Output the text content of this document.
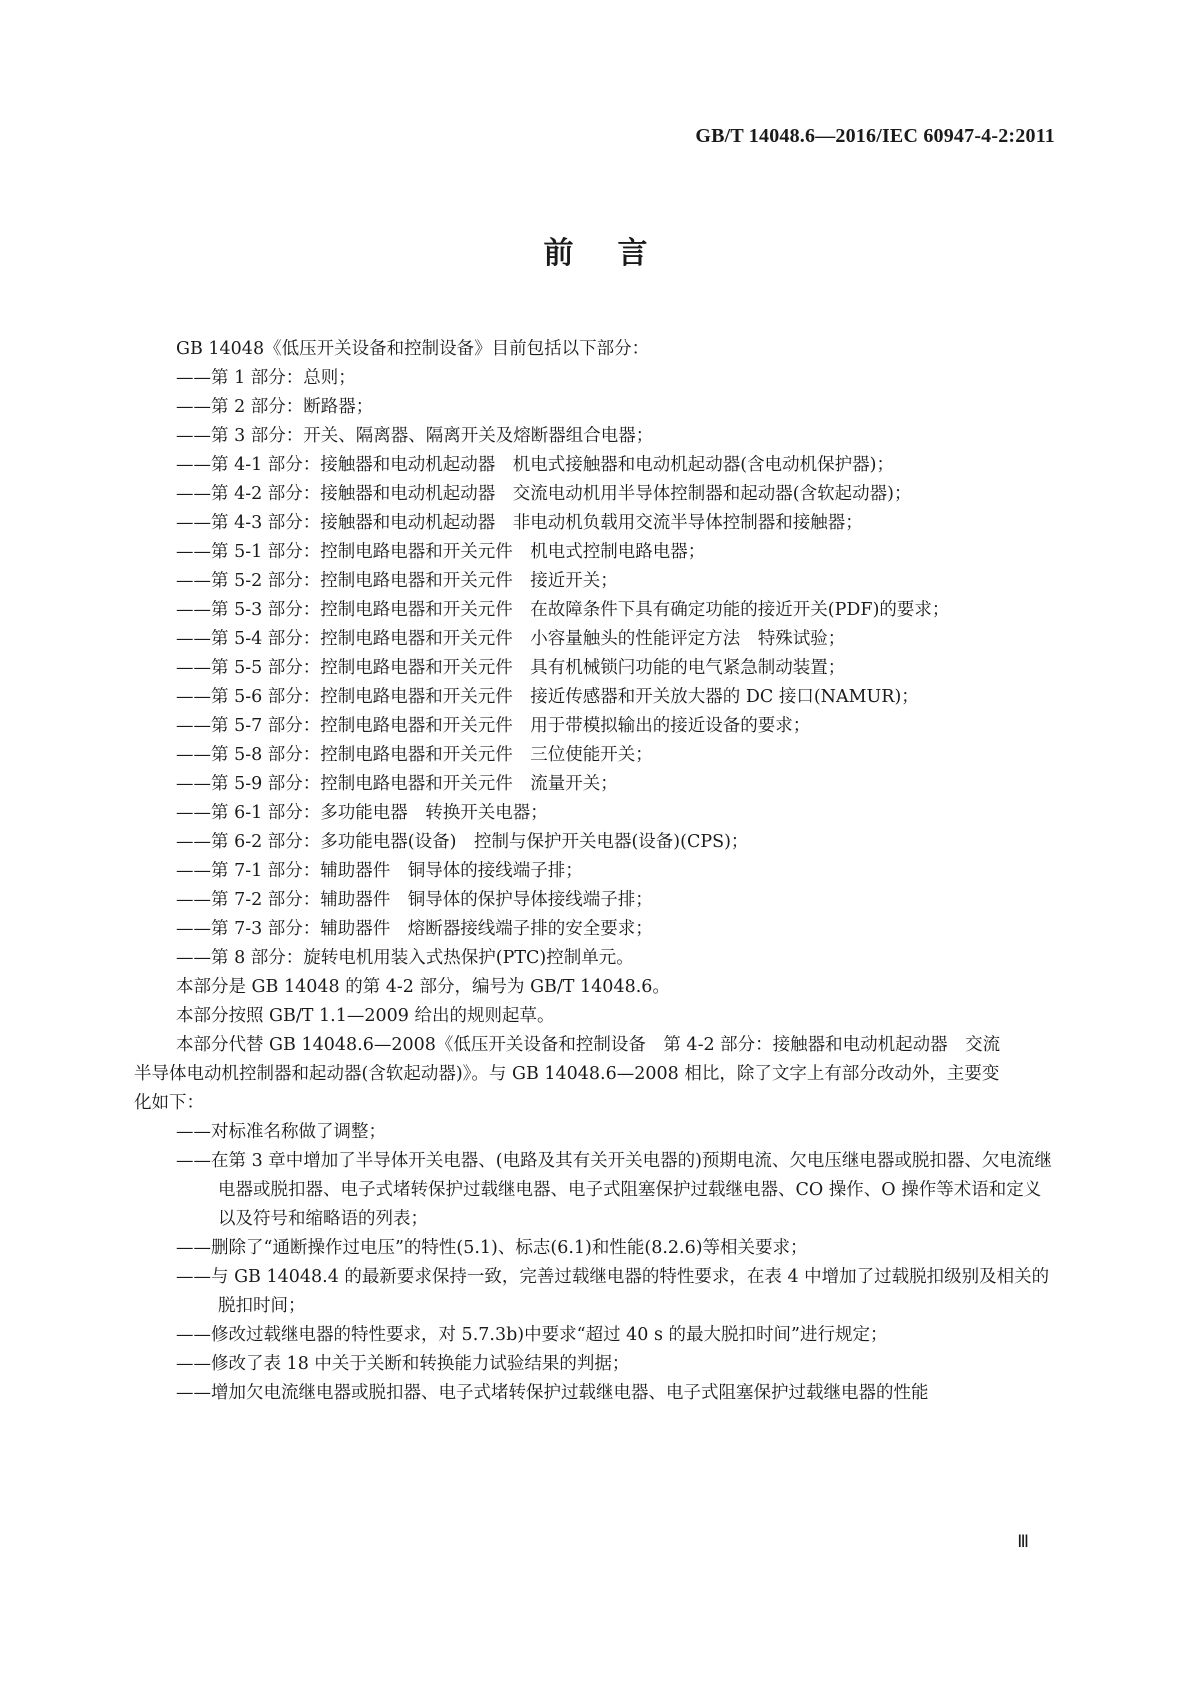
GB/T 14048.6—2016/IEC 60947-4-2:2011
前言
GB 14048《低压开关设备和控制设备》目前包括以下部分：
——第 1 部分：总则；
——第 2 部分：断路器；
——第 3 部分：开关、隔离器、隔离开关及熔断器组合电器；
——第 4-1 部分：接触器和电动机起动器　机电式接触器和电动机起动器(含电动机保护器)；
——第 4-2 部分：接触器和电动机起动器　交流电动机用半导体控制器和起动器(含软起动器)；
——第 4-3 部分：接触器和电动机起动器　非电动机负载用交流半导体控制器和接触器；
——第 5-1 部分：控制电路电器和开关元件　机电式控制电路电器；
——第 5-2 部分：控制电路电器和开关元件　接近开关；
——第 5-3 部分：控制电路电器和开关元件　在故障条件下具有确定功能的接近开关(PDF)的要求；
——第 5-4 部分：控制电路电器和开关元件　小容量触头的性能评定方法　特殊试验；
——第 5-5 部分：控制电路电器和开关元件　具有机械锁闩功能的电气紧急制动装置；
——第 5-6 部分：控制电路电器和开关元件　接近传感器和开关放大器的 DC 接口(NAMUR)；
——第 5-7 部分：控制电路电器和开关元件　用于带模拟输出的接近设备的要求；
——第 5-8 部分：控制电路电器和开关元件　三位使能开关；
——第 5-9 部分：控制电路电器和开关元件　流量开关；
——第 6-1 部分：多功能电器　转换开关电器；
——第 6-2 部分：多功能电器(设备)　控制与保护开关电器(设备)(CPS)；
——第 7-1 部分：辅助器件　铜导体的接线端子排；
——第 7-2 部分：辅助器件　铜导体的保护导体接线端子排；
——第 7-3 部分：辅助器件　熔断器接线端子排的安全要求；
——第 8 部分：旋转电机用装入式热保护(PTC)控制单元。
本部分是 GB 14048 的第 4-2 部分，编号为 GB/T 14048.6。
本部分按照 GB/T 1.1—2009 给出的规则起草。
本部分代替 GB 14048.6—2008《低压开关设备和控制设备　第 4-2 部分：接触器和电动机起动器　交流半导体电动机控制器和起动器(含软起动器)》。与 GB 14048.6—2008 相比，除了文字上有部分改动外，主要变化如下：
——对标准名称做了调整；
——在第 3 章中增加了半导体开关电器、(电路及其有关开关电器的)预期电流、欠电压继电器或脱扣器、欠电流继电器或脱扣器、电子式堵转保护过载继电器、电子式阻塞保护过载继电器、CO 操作、O 操作等术语和定义以及符号和缩略语的列表；
——删除了“通断操作过电压”的特性(5.1)、标志(6.1)和性能(8.2.6)等相关要求；
——与 GB 14048.4 的最新要求保持一致，完善过载继电器的特性要求，在表 4 中增加了过载脱扣级别及相关的脱扣时间；
——修改过载继电器的特性要求，对 5.7.3b)中要求“超过 40 s 的最大脱扣时间”进行规定；
——修改了表 18 中关于关断和转换能力试验结果的判据；
——增加欠电流继电器或脱扣器、电子式堵转保护过载继电器、电子式阻塞保护过载继电器的性能
Ⅲ
